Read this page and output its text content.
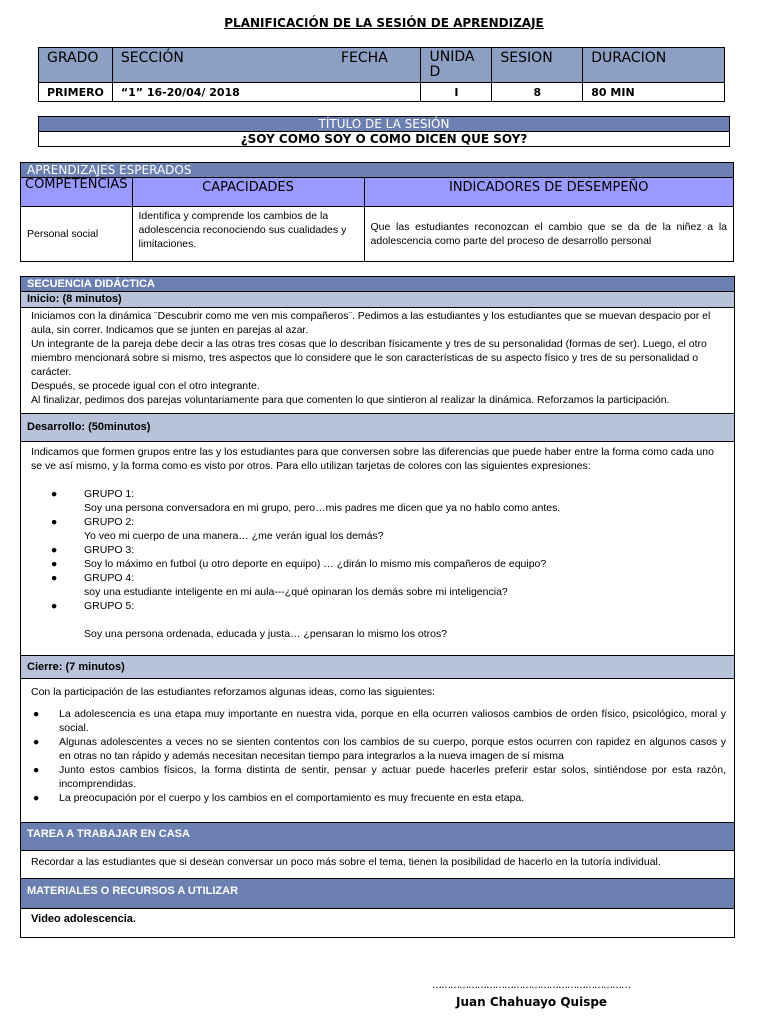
PLANIFICACIÓN DE LA SESIÓN DE APRENDIZAJE
GRADO	SECCIÓN FECHA	UNIDA D	SESION	DURACION
PRIMERO	“1” 16-20/04/ 2018	I	8	80 MIN
TÍTULO DE LA SESIÓN
¿SOY COMO SOY O COMO DICEN QUE SOY?
APRENDIZAJES ESPERADOS		
COMPETENCIAS	CAPACIDADES	INDICADORES DE DESEMPEÑO
Personal social	Identifica y comprende los cambios de la adolescencia reconociendo sus cualidades y limitaciones.	Que las estudiantes reconozcan el cambio que se da de la niñez a la adolescencia como parte del proceso de desarrollo personal
SECUENCIA DIDÁCTICA
Inicio: (8 minutos)

Iniciamos con la dinámica ¨Descubrir como me ven mis compañeros¨. Pedimos a las estudiantes y los estudiantes que se muevan despacio por el aula, sin correr. Indicamos que se junten en parejas al azar.

Un integrante de la pareja debe decir a las otras tres cosas que lo describan físicamente y tres de su personalidad (formas de ser). Luego, el otro miembro mencionará sobre si mismo, tres aspectos que lo considere que le son características de su aspecto físico y tres de su personalidad o carácter.

Después, se procede igual con el otro integrante.

Al finalizar, pedimos dos parejas voluntariamente para que comenten lo que sintieron al realizar la dinámica. Reforzamos la participación.

Desarrollo: (50minutos)

Indicamos que formen grupos entre las y los estudiantes para que conversen sobre las diferencias que puede haber entre la forma como cada uno se ve así mismo, y la forma como es visto por otros. Para ello utilizan tarjetas de colores con las siguientes expresiones:

●	GRUPO 1:
Soy una persona conversadora en mi grupo, pero…mis padres me dicen que ya no hablo como antes.
●	GRUPO 2:
Yo veo mi cuerpo de una manera… ¿me verán igual los demás?
●	GRUPO 3:
●	Soy lo máximo en futbol (u otro deporte en equipo) … ¿dirán lo mismo mis compañeros de equipo?
●	GRUPO 4:
soy una estudiante inteligente en mi aula---¿qué opinaran los demás sobre mi inteligencia?
●	GRUPO 5:

Soy una persona ordenada, educada y justa… ¿pensaran lo mismo los otros?

Cierre: (7 minutos)

Con la participación de las estudiantes reforzamos algunas ideas, como las siguientes:

● La adolescencia es una etapa muy importante en nuestra vida, porque en ella ocurren valiosos cambios de orden físico, psicológico, moral y social.
● Algunas adolescentes a veces no se sienten contentos con los cambios de su cuerpo, porque estos ocurren con rapidez en algunos casos y en otras no tan rápido y además necesitan necesitan tiempo para integrarlos a la nueva imagen de sí misma
● Junto estos cambios físicos, la forma distinta de sentir, pensar y actuar puede hacerles preferir estar solos, sintiéndose por esta razón, incomprendidas.
● La preocupación por el cuerpo y los cambios en el comportamiento es muy frecuente en esta etapa.
TAREA A TRABAJAR EN CASA
Recordar a las estudiantes que si desean conversar un poco más sobre el tema, tienen la posibilidad de hacerlo en la tutoría individual.
MATERIALES O RECURSOS A UTILIZAR
Video adolescencia.
…………………………………………………………
Juan Chahuayo Quispe
